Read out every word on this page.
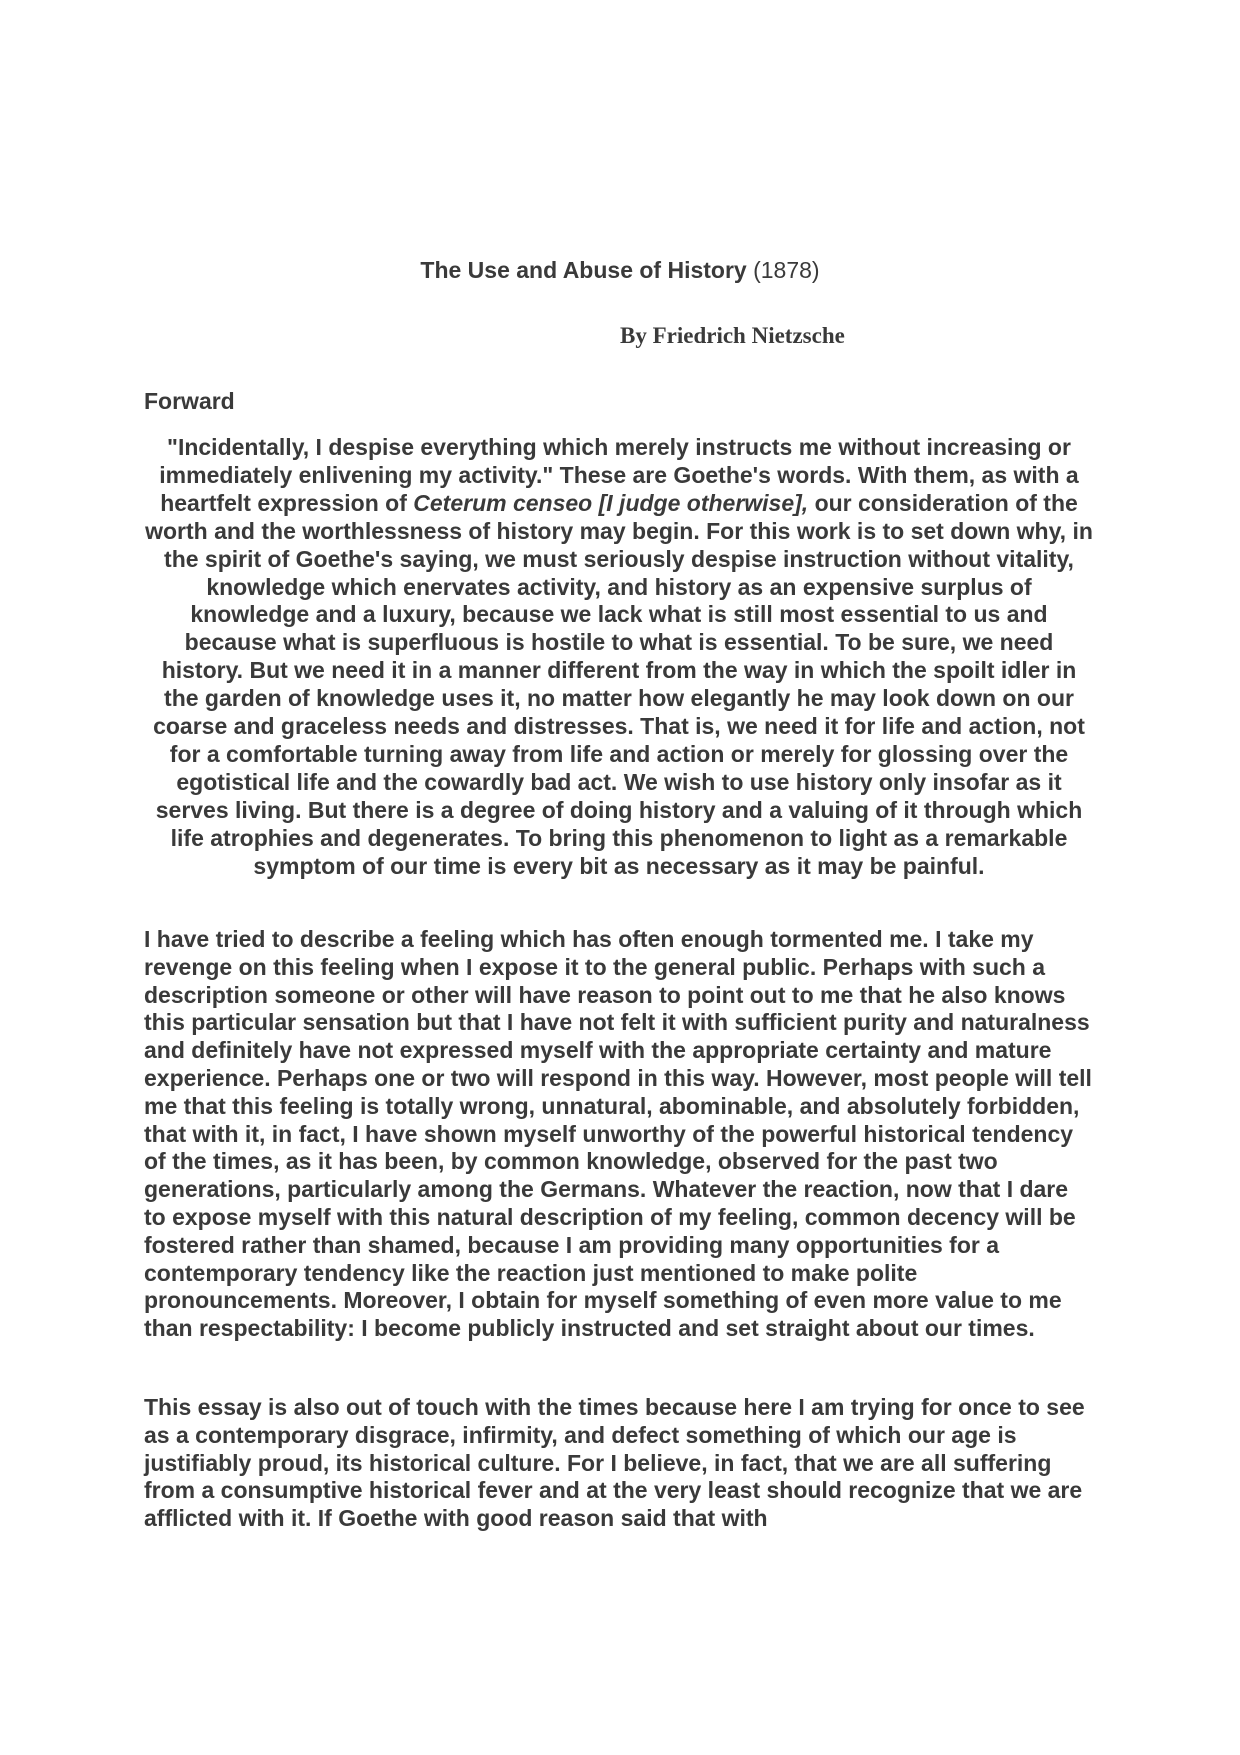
The Use and Abuse of History (1878)
By Friedrich Nietzsche
Forward
"Incidentally, I despise everything which merely instructs me without increasing or immediately enlivening my activity." These are Goethe's words. With them, as with a heartfelt expression of Ceterum censeo [I judge otherwise], our consideration of the worth and the worthlessness of history may begin. For this work is to set down why, in the spirit of Goethe's saying, we must seriously despise instruction without vitality, knowledge which enervates activity, and history as an expensive surplus of knowledge and a luxury, because we lack what is still most essential to us and because what is superfluous is hostile to what is essential. To be sure, we need history. But we need it in a manner different from the way in which the spoilt idler in the garden of knowledge uses it, no matter how elegantly he may look down on our coarse and graceless needs and distresses. That is, we need it for life and action, not for a comfortable turning away from life and action or merely for glossing over the egotistical life and the cowardly bad act. We wish to use history only insofar as it serves living. But there is a degree of doing history and a valuing of it through which life atrophies and degenerates. To bring this phenomenon to light as a remarkable symptom of our time is every bit as necessary as it may be painful.
I have tried to describe a feeling which has often enough tormented me. I take my revenge on this feeling when I expose it to the general public. Perhaps with such a description someone or other will have reason to point out to me that he also knows this particular sensation but that I have not felt it with sufficient purity and naturalness and definitely have not expressed myself with the appropriate certainty and mature experience. Perhaps one or two will respond in this way. However, most people will tell me that this feeling is totally wrong, unnatural, abominable, and absolutely forbidden, that with it, in fact, I have shown myself unworthy of the powerful historical tendency of the times, as it has been, by common knowledge, observed for the past two generations, particularly among the Germans. Whatever the reaction, now that I dare to expose myself with this natural description of my feeling, common decency will be fostered rather than shamed, because I am providing many opportunities for a contemporary tendency like the reaction just mentioned to make polite pronouncements. Moreover, I obtain for myself something of even more value to me than respectability: I become publicly instructed and set straight about our times.
This essay is also out of touch with the times because here I am trying for once to see as a contemporary disgrace, infirmity, and defect something of which our age is justifiably proud, its historical culture. For I believe, in fact, that we are all suffering from a consumptive historical fever and at the very least should recognize that we are afflicted with it. If Goethe with good reason said that with
